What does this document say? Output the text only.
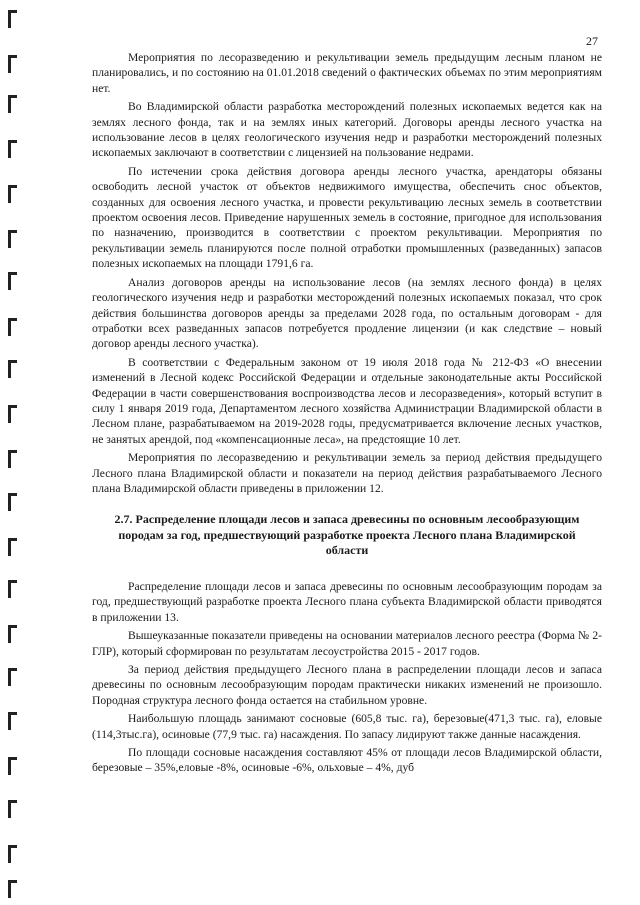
27

Мероприятия по лесоразведению и рекультивации земель предыдущим лесным планом не планировались, и по состоянию на 01.01.2018 сведений о фактических объемах по этим мероприятиям нет.

Во Владимирской области разработка месторождений полезных ископаемых ведется как на землях лесного фонда, так и на землях иных категорий. Договоры аренды лесного участка на использование лесов в целях геологического изучения недр и разработки месторождений полезных ископаемых заключают в соответствии с лицензией на пользование недрами.

По истечении срока действия договора аренды лесного участка, арендаторы обязаны освободить лесной участок от объектов недвижимого имущества, обеспечить снос объектов, созданных для освоения лесного участка, и провести рекультивацию лесных земель в соответствии проектом освоения лесов. Приведение нарушенных земель в состояние, пригодное для использования по назначению, производится в соответствии с проектом рекультивации. Мероприятия по рекультивации земель планируются после полной отработки промышленных (разведанных) запасов полезных ископаемых на площади 1791,6 га.

Анализ договоров аренды на использование лесов (на землях лесного фонда) в целях геологического изучения недр и разработки месторождений полезных ископаемых показал, что срок действия большинства договоров аренды за пределами 2028 года, по остальным договорам - для отработки всех разведанных запасов потребуется продление лицензии (и как следствие – новый договор аренды лесного участка).

В соответствии с Федеральным законом от 19 июля 2018 года № 212-ФЗ «О внесении изменений в Лесной кодекс Российской Федерации и отдельные законодательные акты Российской Федерации в части совершенствования воспроизводства лесов и лесоразведения», который вступит в силу 1 января 2019 года, Департаментом лесного хозяйства Администрации Владимирской области в Лесном плане, разрабатываемом на 2019-2028 годы, предусматривается включение лесных участков, не занятых арендой, под «компенсационные леса», на предстоящие 10 лет.

Мероприятия по лесоразведению и рекультивации земель за период действия предыдущего Лесного плана Владимирской области и показатели на период действия разрабатываемого Лесного плана Владимирской области приведены в приложении 12.

2.7. Распределение площади лесов и запаса древесины по основным лесообразующим породам за год, предшествующий разработке проекта Лесного плана Владимирской области

Распределение площади лесов и запаса древесины по основным лесообразующим породам за год, предшествующий разработке проекта Лесного плана субъекта Владимирской области приводятся в приложении 13.

Вышеуказанные показатели приведены на основании материалов лесного реестра (Форма № 2-ГЛР), который сформирован по результатам лесоустройства 2015 - 2017 годов.

За период действия предыдущего Лесного плана в распределении площади лесов и запаса древесины по основным лесообразующим породам практически никаких изменений не произошло. Породная структура лесного фонда остается на стабильном уровне.

Наибольшую площадь занимают сосновые (605,8 тыс. га), березовые(471,3 тыс. га), еловые (114,3тыс.га), осиновые (77,9 тыс. га) насаждения. По запасу лидируют также данные насаждения.

По площади сосновые насаждения составляют 45% от площади лесов Владимирской области, березовые – 35%,еловые -8%, осиновые -6%, ольховые – 4%, дуб
